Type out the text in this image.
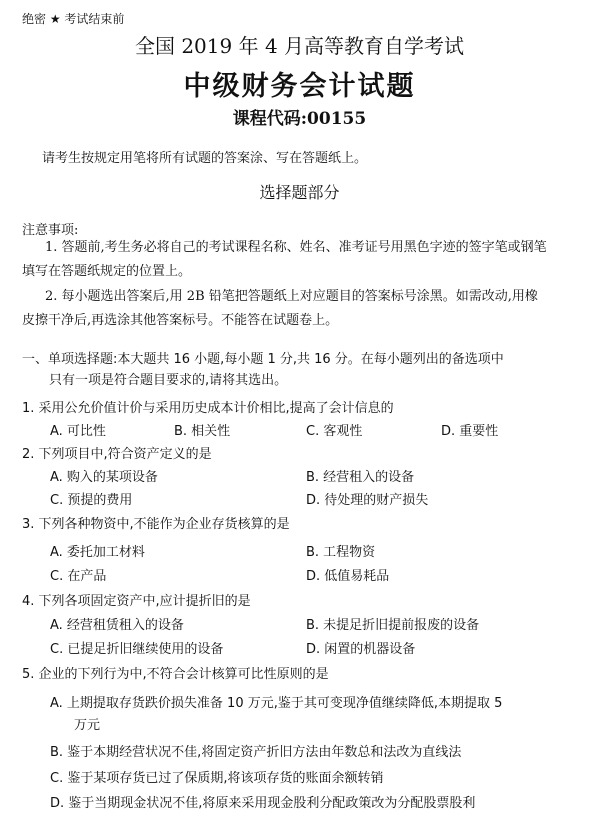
绝密 ★ 考试结束前
全国 2019 年 4 月高等教育自学考试
中级财务会计试题
课程代码:00155
请考生按规定用笔将所有试题的答案涂、写在答题纸上。
选择题部分
注意事项:
1. 答题前,考生务必将自己的考试课程名称、姓名、准考证号用黑色字迹的签字笔或钢笔
填写在答题纸规定的位置上。
2. 每小题选出答案后,用 2B 铅笔把答题纸上对应题目的答案标号涂黑。如需改动,用橡
皮擦干净后,再选涂其他答案标号。不能答在试题卷上。
一、单项选择题:本大题共 16 小题,每小题 1 分,共 16 分。在每小题列出的备选项中
只有一项是符合题目要求的,请将其选出。
1. 采用公允价值计价与采用历史成本计价相比,提高了会计信息的
A. 可比性	B. 相关性	C. 客观性	D. 重要性
2. 下列项目中,符合资产定义的是
A. 购入的某项设备	B. 经营租入的设备
C. 预提的费用	D. 待处理的财产损失
3. 下列各种物资中,不能作为企业存货核算的是
A. 委托加工材料	B. 工程物资
C. 在产品	D. 低值易耗品
4. 下列各项固定资产中,应计提折旧的是
A. 经营租赁租入的设备	B. 未提足折旧提前报废的设备
C. 已提足折旧继续使用的设备	D. 闲置的机器设备
5. 企业的下列行为中,不符合会计核算可比性原则的是
A. 上期提取存货跌价损失准备 10 万元,鉴于其可变现净值继续降低,本期提取 5
万元
B. 鉴于本期经营状况不佳,将固定资产折旧方法由年数总和法改为直线法
C. 鉴于某项存货已过了保质期,将该项存货的账面余额转销
D. 鉴于当期现金状况不佳,将原来采用现金股利分配政策改为分配股票股利
